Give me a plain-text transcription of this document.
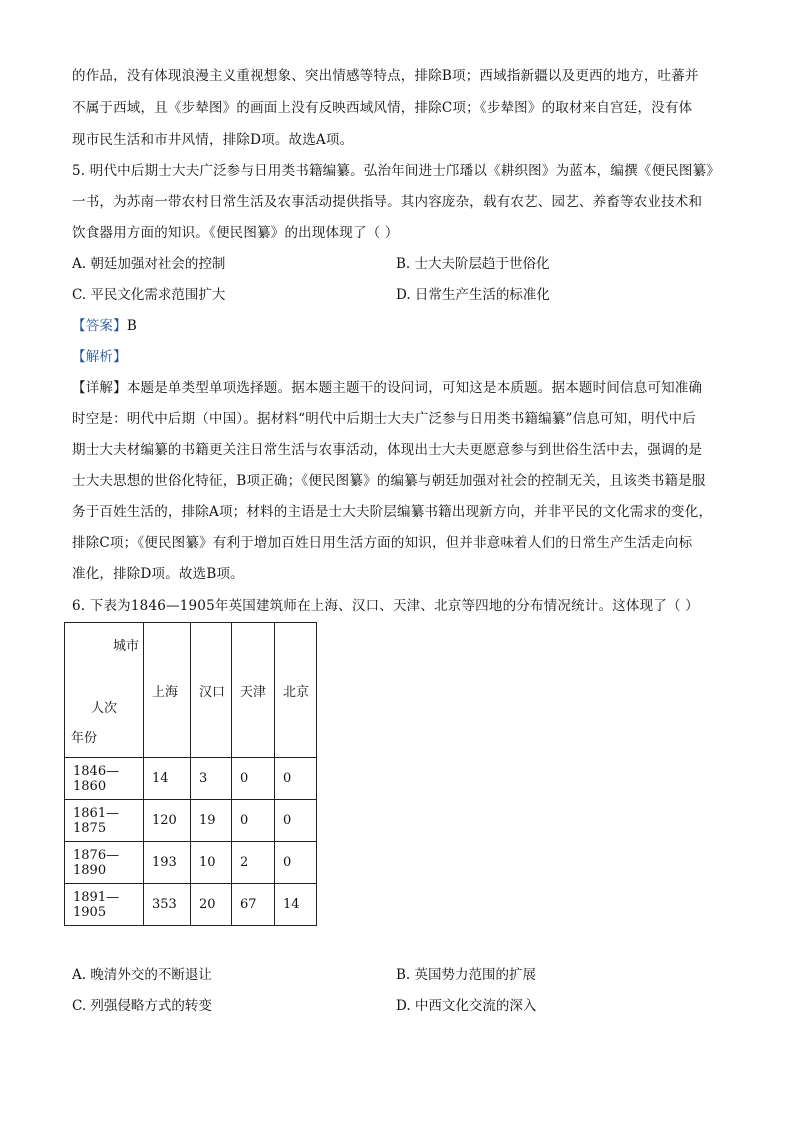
的作品，没有体现浪漫主义重视想象、突出情感等特点，排除B项；西域指新疆以及更西的地方，吐蕃并
不属于西域，且《步辇图》的画面上没有反映西域风情，排除C项；《步辇图》的取材来自宫廷，没有体
现市民生活和市井风情，排除D项。故选A项。
5. 明代中后期士大夫广泛参与日用类书籍编纂。弘治年间进士邝璠以《耕织图》为蓝本，编撰《便民图纂》
一书，为苏南一带农村日常生活及农事活动提供指导。其内容庞杂，载有农艺、园艺、养畜等农业技术和
饮食器用方面的知识。《便民图纂》的出现体现了（ ）
A. 朝廷加强对社会的控制	B. 士大夫阶层趋于世俗化
C. 平民文化需求范围扩大	D. 日常生产生活的标准化
【答案】B
【解析】
【详解】本题是单类型单项选择题。据本题主题干的设问词，可知这是本质题。据本题时间信息可知准确
时空是：明代中后期（中国）。据材料“明代中后期士大夫广泛参与日用类书籍编纂”信息可知，明代中后
期士大夫材编纂的书籍更关注日常生活与农事活动，体现出士大夫更愿意参与到世俗生活中去，强调的是
士大夫思想的世俗化特征，B项正确；《便民图纂》的编纂与朝廷加强对社会的控制无关，且该类书籍是服
务于百姓生活的，排除A项；材料的主语是士大夫阶层编纂书籍出现新方向，并非平民的文化需求的变化，
排除C项；《便民图纂》有利于增加百姓日用生活方面的知识，但并非意味着人们的日常生产生活走向标
准化，排除D项。故选B项。
6. 下表为1846—1905年英国建筑师在上海、汉口、天津、北京等四地的分布情况统计。这体现了（ ）
城市
人次
年份	上海	汉口	天津	北京
1846—1860	14	3	0	0
1861—1875	120	19	0	0
1876—1890	193	10	2	0
1891—1905	353	20	67	14
A. 晚清外交的不断退让	B. 英国势力范围的扩展
C. 列强侵略方式的转变	D. 中西文化交流的深入
